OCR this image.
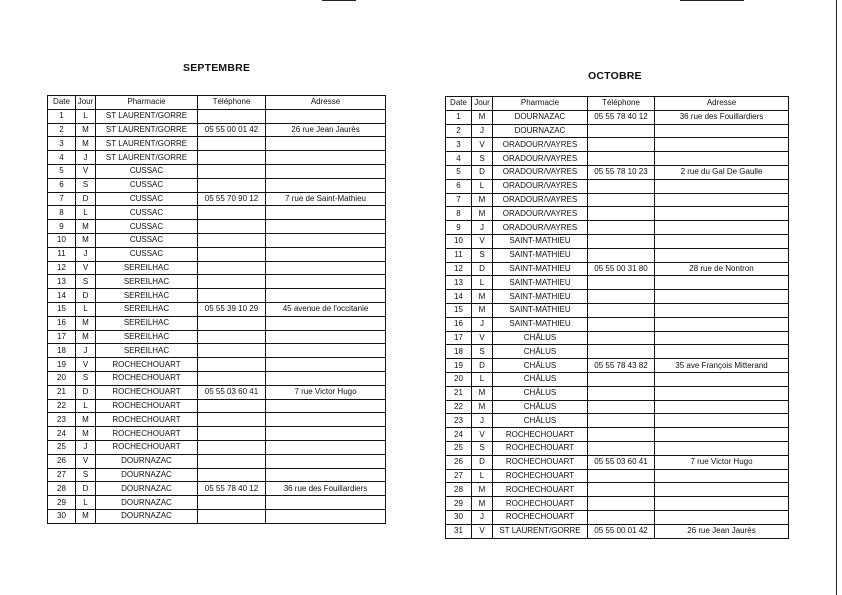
SEPTEMBRE
OCTOBRE
Date	Jour	Pharmacie	Téléphone	Adresse
1	L	ST LAURENT/GORRE		
2	M	ST LAURENT/GORRE	05 55 00 01 42	26 rue Jean Jaurès
3	M	ST LAURENT/GORRE		
4	J	ST LAURENT/GORRE		
5	V	CUSSAC		
6	S	CUSSAC		
7	D	CUSSAC	05 55 70 90 12	7 rue de Saint-Mathieu
8	L	CUSSAC		
9	M	CUSSAC		
10	M	CUSSAC		
11	J	CUSSAC		
12	V	SEREILHAC		
13	S	SEREILHAC		
14	D	SEREILHAC		
15	L	SEREILHAC	05 55 39 10 29	45 avenue de l'occitanie
16	M	SEREILHAC		
17	M	SEREILHAC		
18	J	SEREILHAC		
19	V	ROCHECHOUART		
20	S	ROCHECHOUART		
21	D	ROCHECHOUART	05 55 03 60 41	7 rue Victor Hugo
22	L	ROCHECHOUART		
23	M	ROCHECHOUART		
24	M	ROCHECHOUART		
25	J	ROCHECHOUART		
26	V	DOURNAZAC		
27	S	DOURNAZAC		
28	D	DOURNAZAC	05 55 78 40 12	36 rue des Fouillardiers
29	L	DOURNAZAC		
30	M	DOURNAZAC		
Date	Jour	Pharmacie	Téléphone	Adresse
1	M	DOURNAZAC	05 55 78 40 12	36 rue des Fouillardiers
2	J	DOURNAZAC		
3	V	ORADOUR/VAYRES		
4	S	ORADOUR/VAYRES		
5	D	ORADOUR/VAYRES	05 55 78 10 23	2 rue du Gal De Gaulle
6	L	ORADOUR/VAYRES		
7	M	ORADOUR/VAYRES		
8	M	ORADOUR/VAYRES		
9	J	ORADOUR/VAYRES		
10	V	SAINT-MATHIEU		
11	S	SAINT-MATHIEU		
12	D	SAINT-MATHIEU	05 55 00 31 80	28 rue de Nontron
13	L	SAINT-MATHIEU		
14	M	SAINT-MATHIEU		
15	M	SAINT-MATHIEU		
16	J	SAINT-MATHIEU		
17	V	CHÂLUS		
18	S	CHÂLUS		
19	D	CHÂLUS	05 55 78 43 82	35 ave François Mitterand
20	L	CHÂLUS		
21	M	CHÂLUS		
22	M	CHÂLUS		
23	J	CHÂLUS		
24	V	ROCHECHOUART		
25	S	ROCHECHOUART		
26	D	ROCHECHOUART	05 55 03 60 41	7 rue Victor Hugo
27	L	ROCHECHOUART		
28	M	ROCHECHOUART		
29	M	ROCHECHOUART		
30	J	ROCHECHOUART		
31	V	ST LAURENT/GORRE	05 55 00 01 42	26 rue Jean Jaurès
